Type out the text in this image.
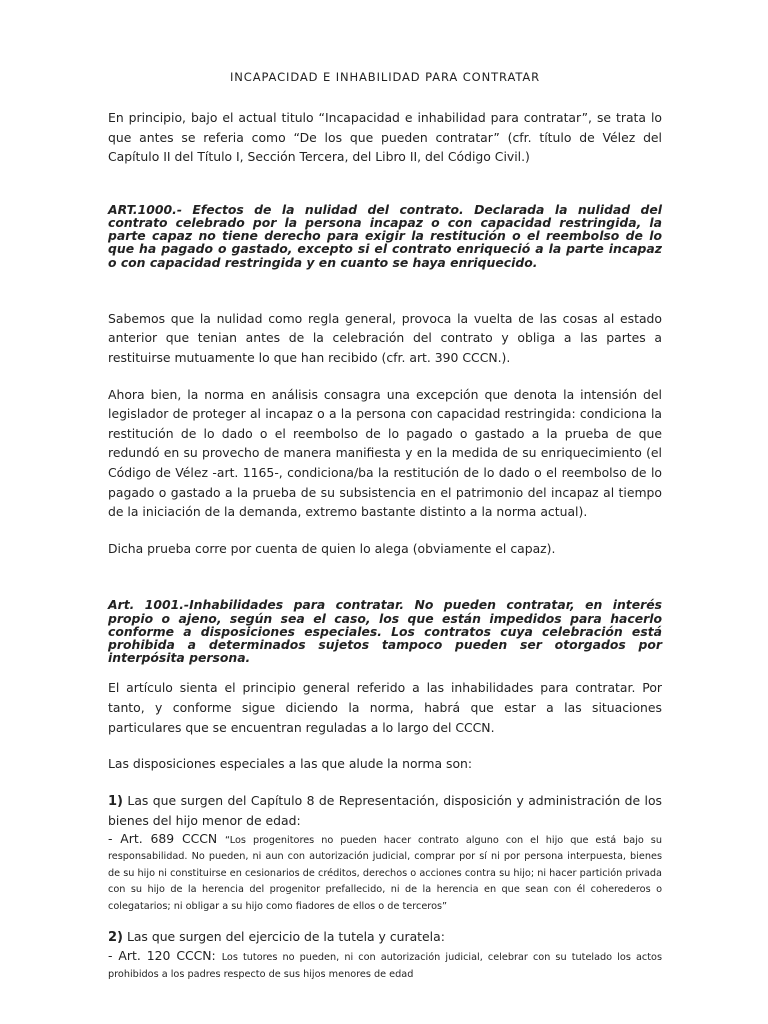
INCAPACIDAD E INHABILIDAD PARA CONTRATAR

En principio, bajo el actual titulo “Incapacidad e inhabilidad para contratar”, se trata lo que antes se referia como “De los que pueden contratar” (cfr. título de Vélez del Capítulo II del Título I, Sección Tercera, del Libro II, del Código Civil.)

ART.1000.- Efectos de la nulidad del contrato. Declarada la nulidad del contrato celebrado por la persona incapaz o con capacidad restringida, la parte capaz no tiene derecho para exigir la restitución o el reembolso de lo que ha pagado o gastado, excepto si el contrato enriqueció a la parte incapaz o con capacidad restringida y en cuanto se haya enriquecido.

Sabemos que la nulidad como regla general, provoca la vuelta de las cosas al estado anterior que tenian antes de la celebración del contrato y obliga a las partes a restituirse mutuamente lo que han recibido (cfr. art. 390 CCCN.).

Ahora bien, la norma en análisis consagra una excepción que denota la intensión del legislador de proteger al incapaz o a la persona con capacidad restringida: condiciona la restitución de lo dado o el reembolso de lo pagado o gastado a la prueba de que redundó en su provecho de manera manifiesta y en la medida de su enriquecimiento (el Código de Vélez -art. 1165-, condiciona/ba la restitución de lo dado o el reembolso de lo pagado o gastado a la prueba de su subsistencia en el patrimonio del incapaz al tiempo de la iniciación de la demanda, extremo bastante distinto a la norma actual).

Dicha prueba corre por cuenta de quien lo alega (obviamente el capaz).

Art. 1001.-Inhabilidades para contratar. No pueden contratar, en interés propio o ajeno, según sea el caso, los que están impedidos para hacerlo conforme a disposiciones especiales. Los contratos cuya celebración está prohibida a determinados sujetos tampoco pueden ser otorgados por interpósita persona.

El artículo sienta el principio general referido a las inhabilidades para contratar. Por tanto, y conforme sigue diciendo la norma, habrá que estar a las situaciones particulares que se encuentran reguladas a lo largo del CCCN.

Las disposiciones especiales a las que alude la norma son:

1) Las que surgen del Capítulo 8 de Representación, disposición y administración de los bienes del hijo menor de edad:

- Art. 689 CCCN “Los progenitores no pueden hacer contrato alguno con el hijo que está bajo su responsabilidad. No pueden, ni aun con autorización judicial, comprar por sí ni por persona interpuesta, bienes de su hijo ni constituirse en cesionarios de créditos, derechos o acciones contra su hijo; ni hacer partición privada con su hijo de la herencia del progenitor prefallecido, ni de la herencia en que sean con él coherederos o colegatarios; ni obligar a su hijo como fiadores de ellos o de terceros”

2) Las que surgen del ejercicio de la tutela y curatela:

- Art. 120 CCCN: Los tutores no pueden, ni con autorización judicial, celebrar con su tutelado los actos prohibidos a los padres respecto de sus hijos menores de edad
